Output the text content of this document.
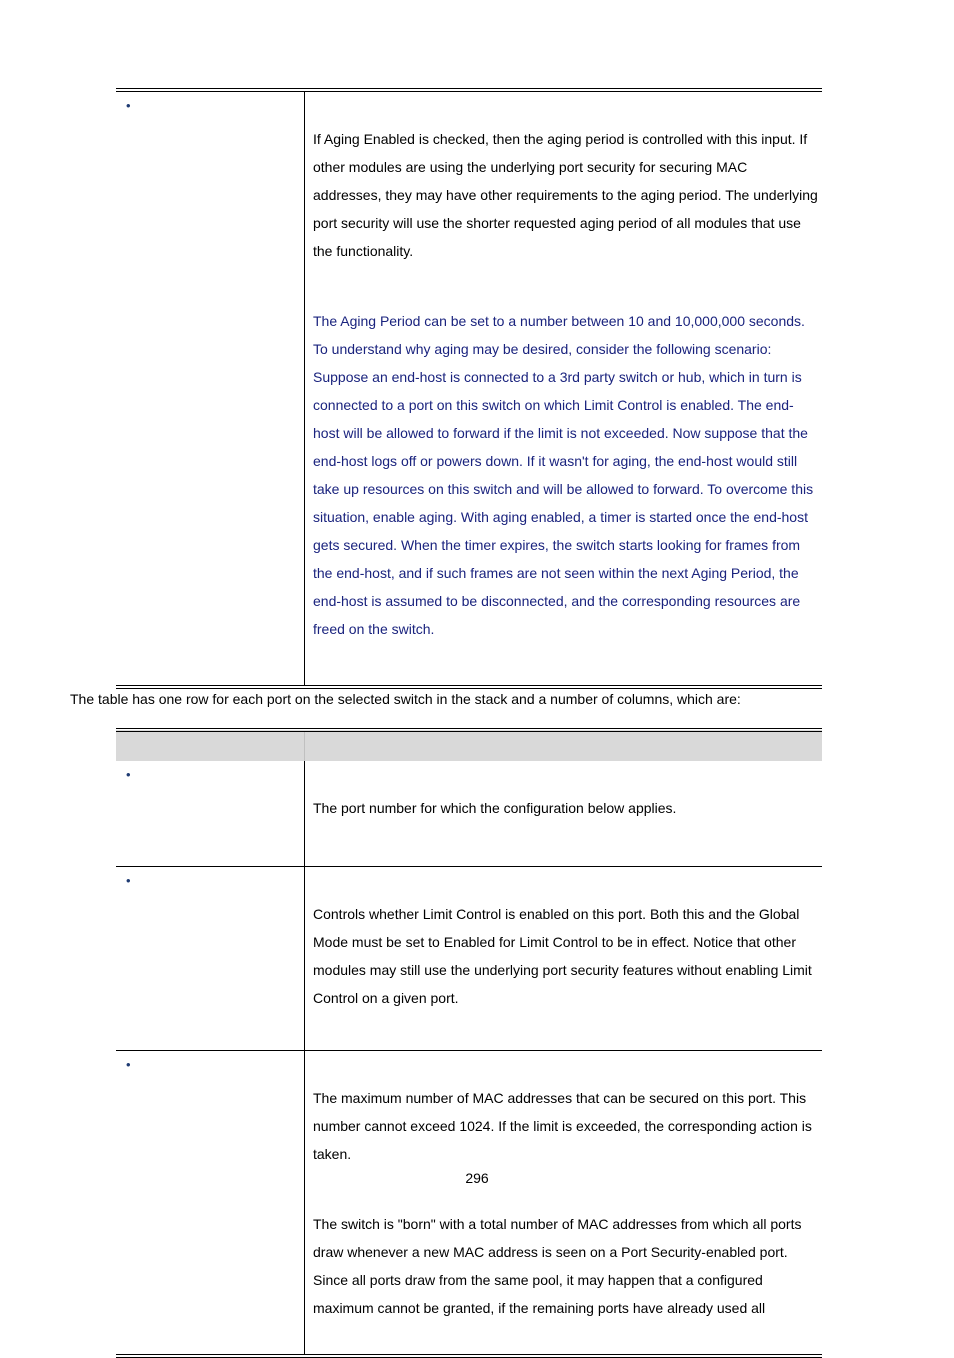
•

If Aging Enabled is checked, then the aging period is controlled with this input. If other modules are using the underlying port security for securing MAC addresses, they may have other requirements to the aging period. The underlying port security will use the shorter requested aging period of all modules that use the functionality.

The Aging Period can be set to a number between 10 and 10,000,000 seconds. To understand why aging may be desired, consider the following scenario: Suppose an end-host is connected to a 3rd party switch or hub, which in turn is connected to a port on this switch on which Limit Control is enabled. The end-host will be allowed to forward if the limit is not exceeded. Now suppose that the end-host logs off or powers down. If it wasn't for aging, the end-host would still take up resources on this switch and will be allowed to forward. To overcome this situation, enable aging. With aging enabled, a timer is started once the end-host gets secured. When the timer expires, the switch starts looking for frames from the end-host, and if such frames are not seen within the next Aging Period, the end-host is assumed to be disconnected, and the corresponding resources are freed on the switch.

The table has one row for each port on the selected switch in the stack and a number of columns, which are:

•	The port number for which the configuration below applies.

•	Controls whether Limit Control is enabled on this port. Both this and the Global Mode must be set to Enabled for Limit Control to be in effect. Notice that other modules may still use the underlying port security features without enabling Limit Control on a given port.

•	The maximum number of MAC addresses that can be secured on this port. This number cannot exceed 1024. If the limit is exceeded, the corresponding action is taken.

The switch is "born" with a total number of MAC addresses from which all ports draw whenever a new MAC address is seen on a Port Security-enabled port. Since all ports draw from the same pool, it may happen that a configured maximum cannot be granted, if the remaining ports have already used all

296
